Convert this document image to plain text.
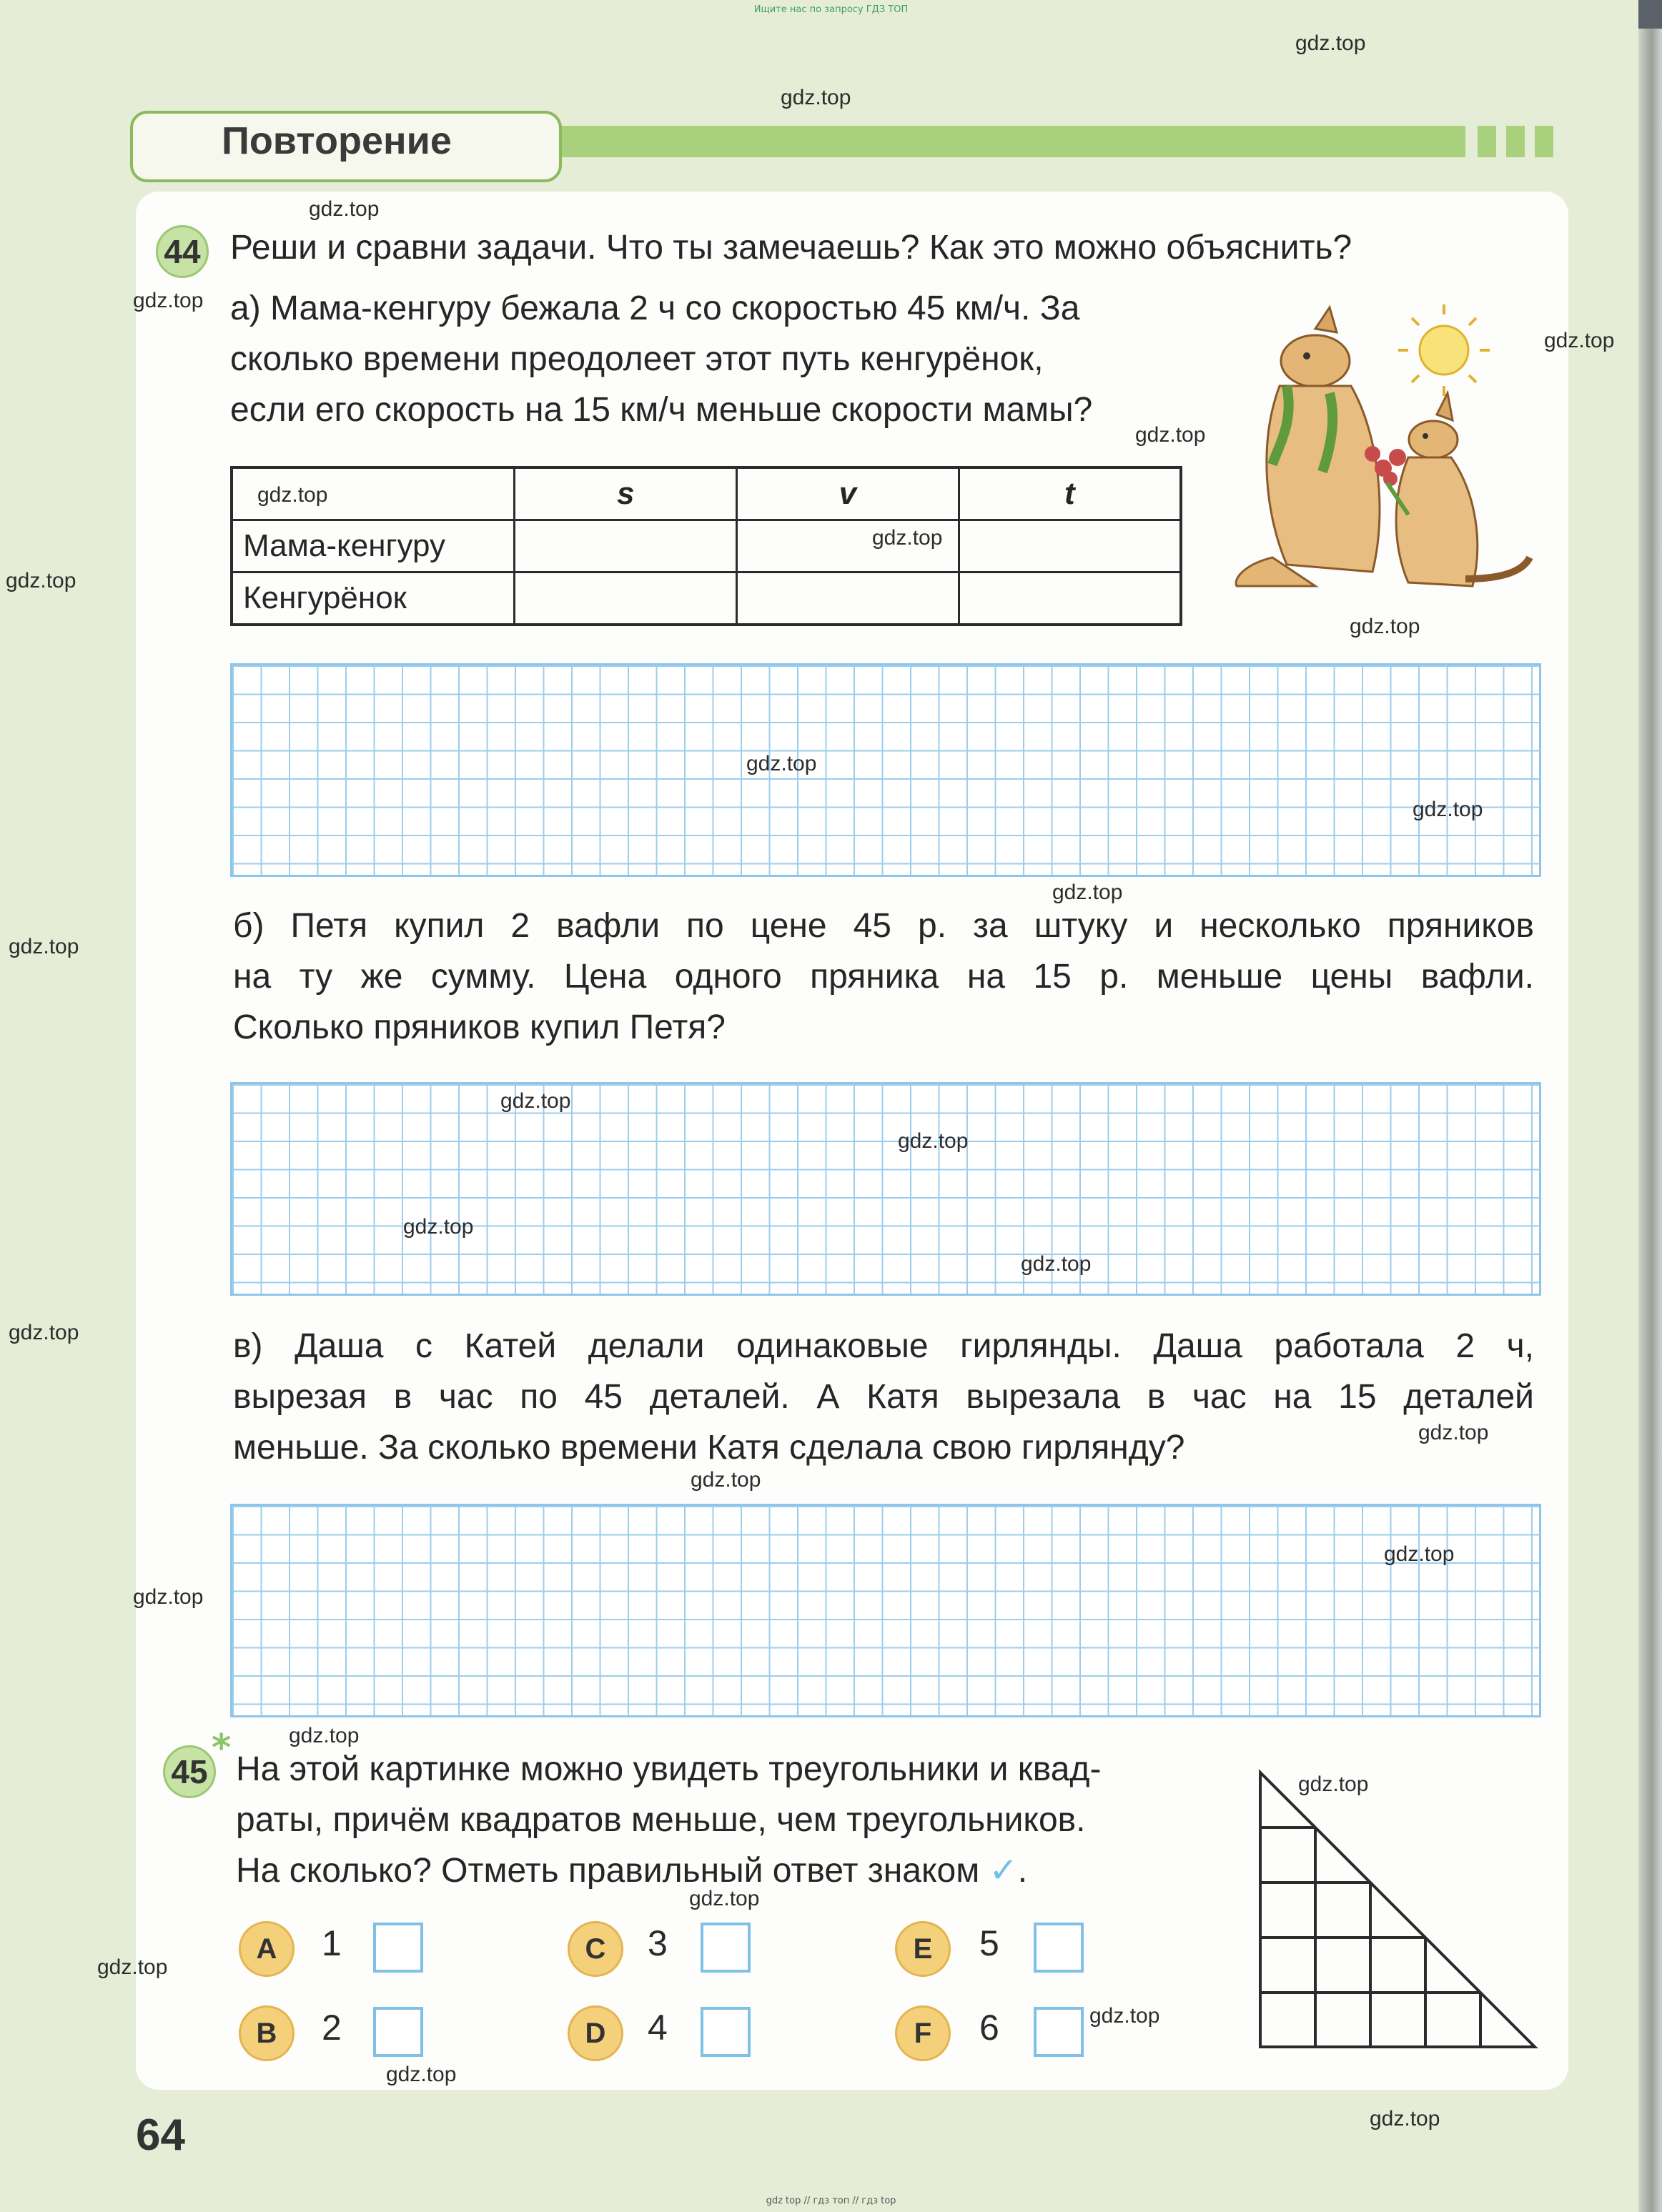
Ищите нас по запросу ГДЗ ТОП
Повторение
44 Реши и сравни задачи. Что ты замечаешь? Как это можно объяснить?

а) Мама-кенгуру бежала 2 ч со скоростью 45 км/ч. За

сколько времени преодолеет этот путь кенгурёнок,

если его скорость на 15 км/ч меньше скорости мамы?

	s	v	t
Мама-кенгуру			
Кенгурёнок			

б) Петя купил 2 вафли по цене 45 р. за штуку и несколько пряников

на ту же сумму. Цена одного пряника на 15 р. меньше цены вафли.

Сколько пряников купил Петя?

в) Даша с Катей делали одинаковые гирлянды. Даша работала 2 ч,

вырезая в час по 45 деталей. А Катя вырезала в час на 15 деталей

меньше. За сколько времени Катя сделала свою гирлянду?

45
* На этой картинке можно увидеть треугольники и квад-

раты, причём квадратов меньше, чем треугольников.

На сколько? Отметь правильный ответ знаком ✓.

A	1
B	2
C	3
D	4
E	5
F	6
64
gdz.top
gdz.top
gdz.top
gdz.top
gdz.top
gdz.top
gdz.top
gdz.top
gdz.top
gdz.top
gdz.top
gdz.top
gdz.top
gdz.top
gdz.top
gdz.top
gdz.top
gdz.top
gdz.top
gdz.top
gdz.top
gdz.top
gdz.top
gdz.top
gdz.top
gdz.top
gdz.top
gdz.top
gdz.top
gdz.top
gdz top // гдз топ // гдз top
